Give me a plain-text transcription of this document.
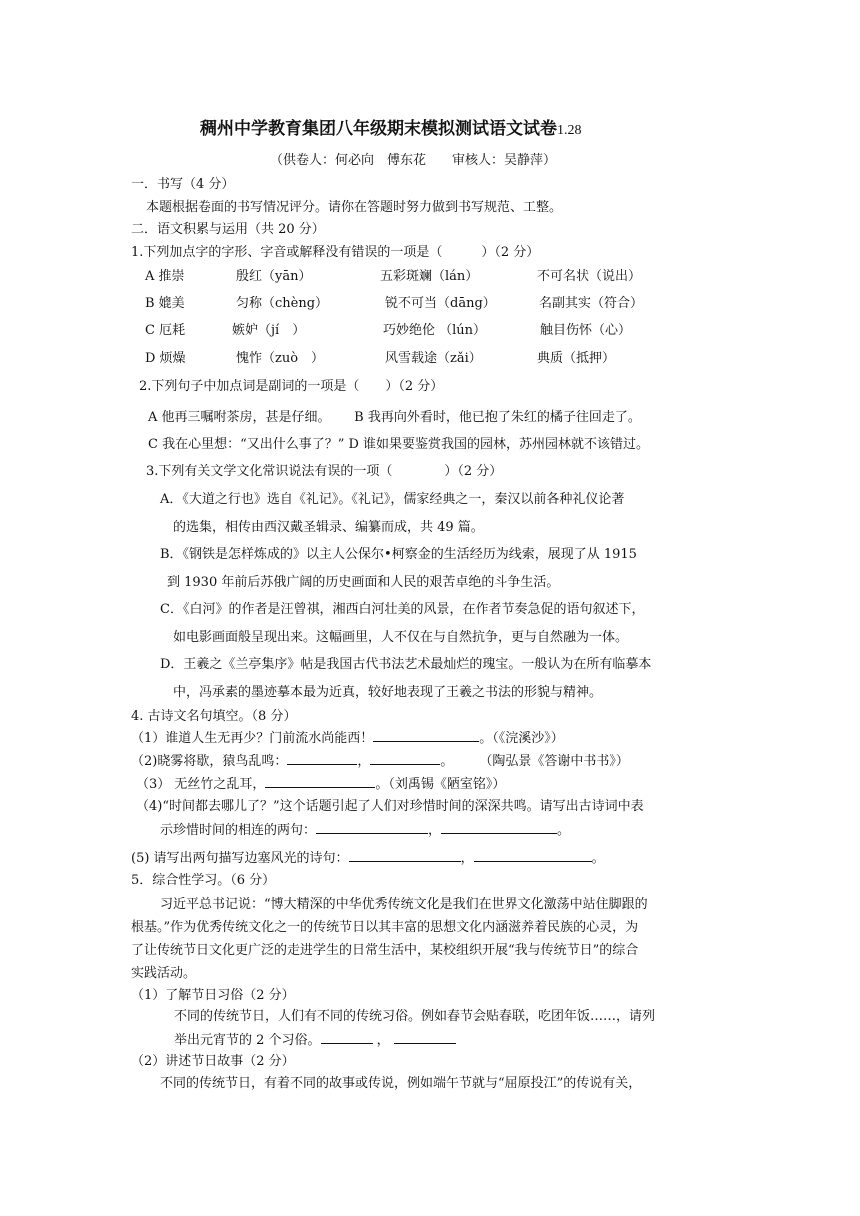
稠州中学教育集团八年级期末模拟测试语文试卷1.28
（供卷人：何必向　傅东花　　审核人：吴静萍）
一．书写（4 分）
本题根据卷面的书写情况评分。请你在答题时努力做到书写规范、工整。
二．语文积累与运用（共 20 分）
1.下列加点字的字形、字音或解释没有错误的一项是（　　　）（2 分）
A 推崇	殷红（yān）	五彩斑斓（lán）	不可名状（说出）
B 媲美	匀称（chèng）	锐不可当（dāng）	名副其实（符合）
C 厄耗	嫉妒（jí　）	巧妙绝伦 （lún）	触目伤怀（心）
D 烦燥	愧怍（zuò　）	风雪载途（zǎi）	典质（抵押）
2.下列句子中加点词是副词的一项是（　　）（2 分）
A 他再三嘱咐茶房，甚是仔细。　　 B 我再向外看时，他已抱了朱红的橘子往回走了。
C 我在心里想：“又出什么事了？” D 谁如果要鉴赏我国的园林，苏州园林就不该错过。
3.下列有关文学文化常识说法有误的一项（　　　　）（2 分）
A．《大道之行也》选自《礼记》。《礼记》，儒家经典之一，秦汉以前各种礼仪论著
的选集，相传由西汉戴圣辑录、编纂而成，共 49 篇。
B．《钢铁是怎样炼成的》以主人公保尔•柯察金的生活经历为线索，展现了从 1915
到 1930 年前后苏俄广阔的历史画面和人民的艰苦卓绝的斗争生活。
C．《白河》的作者是汪曾祺，湘西白河壮美的风景，在作者节奏急促的语句叙述下，
如电影画面般呈现出来。这幅画里，人不仅在与自然抗争，更与自然融为一体。
D．王羲之《兰亭集序》帖是我国古代书法艺术最灿烂的瑰宝。一般认为在所有临摹本
中，冯承素的墨迹摹本最为近真，较好地表现了王羲之书法的形貌与精神。
4. 古诗文名句填空。（8 分）
（1）谁道人生无再少？门前流水尚能西！	。（《浣溪沙》）
（2)晓雾将歇，猿鸟乱鸣：	，	。　　　（陶弘景《答谢中书书》）
（3） 无丝竹之乱耳，	。（刘禹锡《陋室铭》）
（4)“时间都去哪儿了？”这个话题引起了人们对珍惜时间的深深共鸣。请写出古诗词中表
示珍惜时间的相连的两句：	，	。
(5) 请写出两句描写边塞风光的诗句：	，	。
5．综合性学习。（6 分）
习近平总书记说：“博大精深的中华优秀传统文化是我们在世界文化激荡中站住脚跟的
根基。”作为优秀传统文化之一的传统节日以其丰富的思想文化内涵滋养着民族的心灵，为
了让传统节日文化更广泛的走进学生的日常生活中，某校组织开展“我与传统节日”的综合
实践活动。
（1）了解节日习俗（2 分）
不同的传统节日，人们有不同的传统习俗。例如春节会贴春联，吃团年饭……，请列
举出元宵节的 2 个习俗。	，
（2）讲述节日故事（2 分）
不同的传统节日，有着不同的故事或传说，例如端午节就与“屈原投江”的传说有关，
